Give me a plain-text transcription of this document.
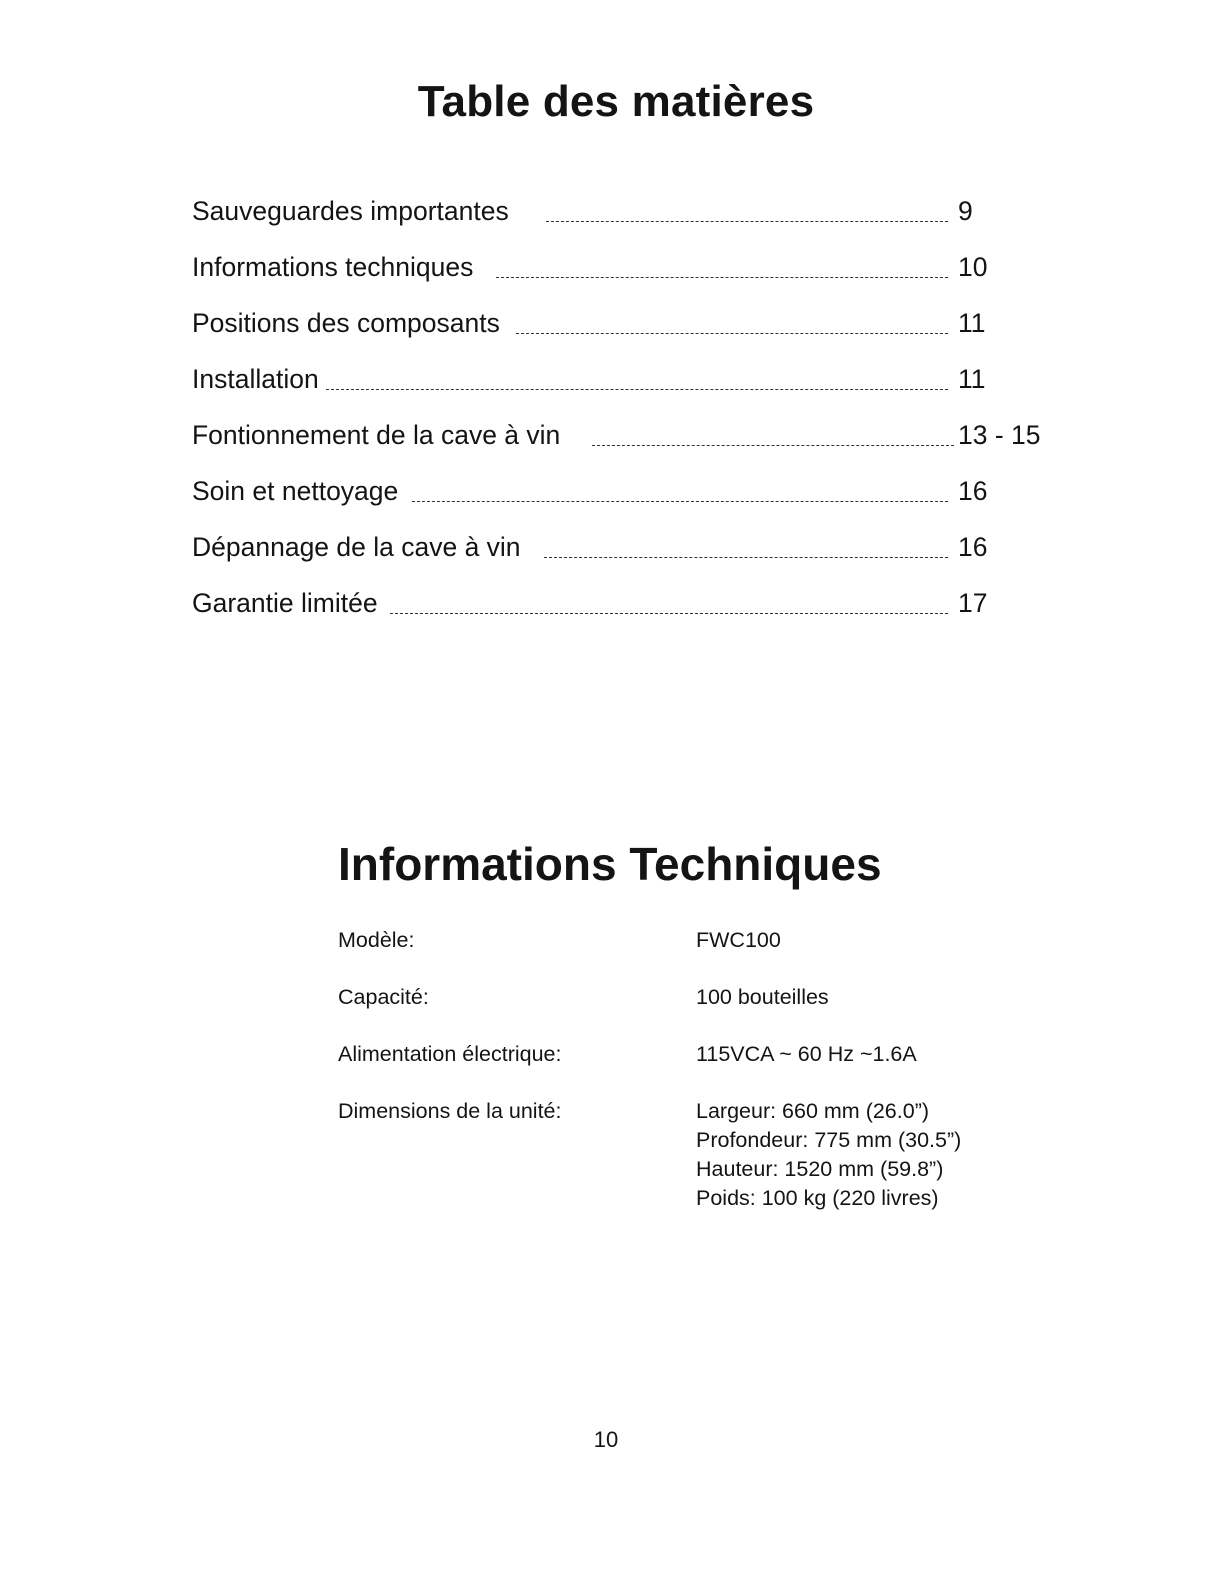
Table des matières
Sauveguardes importantes	9
Informations techniques	10
Positions des composants	11
Installation	11
Fontionnement de la cave à vin	13 - 15
Soin et nettoyage	16
Dépannage de la cave à vin	16
Garantie limitée	17
Informations Techniques
Modèle:	FWC100
Capacité:	100 bouteilles
Alimentation électrique:	115VCA ~ 60 Hz ~1.6A
Dimensions de la unité:	Largeur: 660 mm (26.0”)
Profondeur: 775 mm (30.5”)
Hauteur: 1520 mm (59.8”)
Poids: 100 kg (220 livres)
10
